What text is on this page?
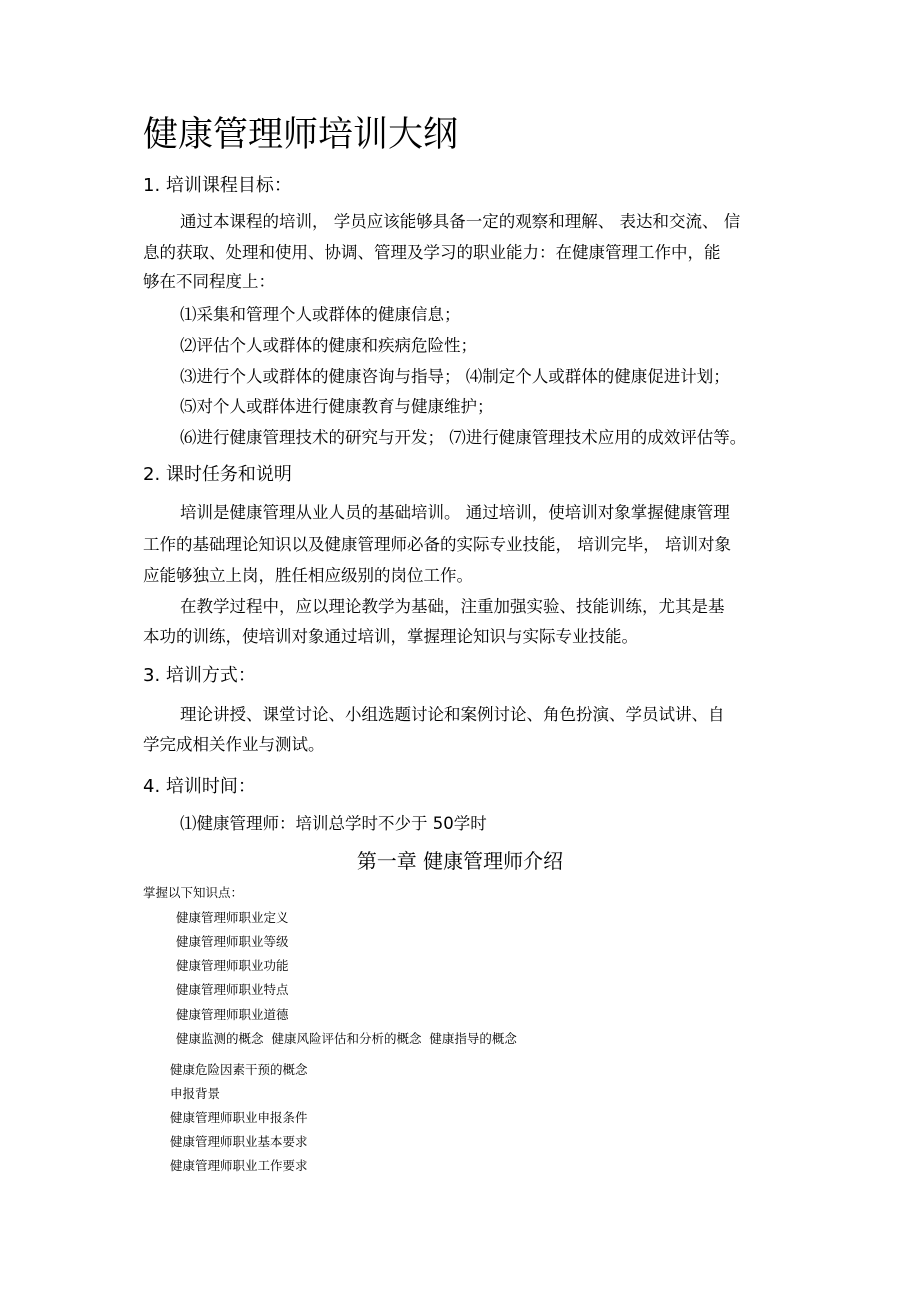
健康管理师培训大纲
1. 培训课程目标：
通过本课程的培训， 学员应该能够具备一定的观察和理解、 表达和交流、 信
息的获取、处理和使用、协调、管理及学习的职业能力：在健康管理工作中，能
够在不同程度上：
⑴采集和管理个人或群体的健康信息；
⑵评估个人或群体的健康和疾病危险性；
⑶进行个人或群体的健康咨询与指导； ⑷制定个人或群体的健康促进计划；
⑸对个人或群体进行健康教育与健康维护；
⑹进行健康管理技术的研究与开发； ⑺进行健康管理技术应用的成效评估等。
2. 课时任务和说明
培训是健康管理从业人员的基础培训。 通过培训，使培训对象掌握健康管理
工作的基础理论知识以及健康管理师必备的实际专业技能， 培训完毕， 培训对象
应能够独立上岗，胜任相应级别的岗位工作。
在教学过程中，应以理论教学为基础，注重加强实验、技能训练，尤其是基
本功的训练，使培训对象通过培训，掌握理论知识与实际专业技能。
3. 培训方式：
理论讲授、课堂讨论、小组选题讨论和案例讨论、角色扮演、学员试讲、自
学完成相关作业与测试。
4. 培训时间：
⑴健康管理师：培训总学时不少于 50学时
第一章 健康管理师介绍
掌握以下知识点：
健康管理师职业定义
健康管理师职业等级
健康管理师职业功能
健康管理师职业特点
健康管理师职业道德
健康监测的概念  健康风险评估和分析的概念  健康指导的概念
健康危险因素干预的概念
申报背景
健康管理师职业申报条件
健康管理师职业基本要求
健康管理师职业工作要求
